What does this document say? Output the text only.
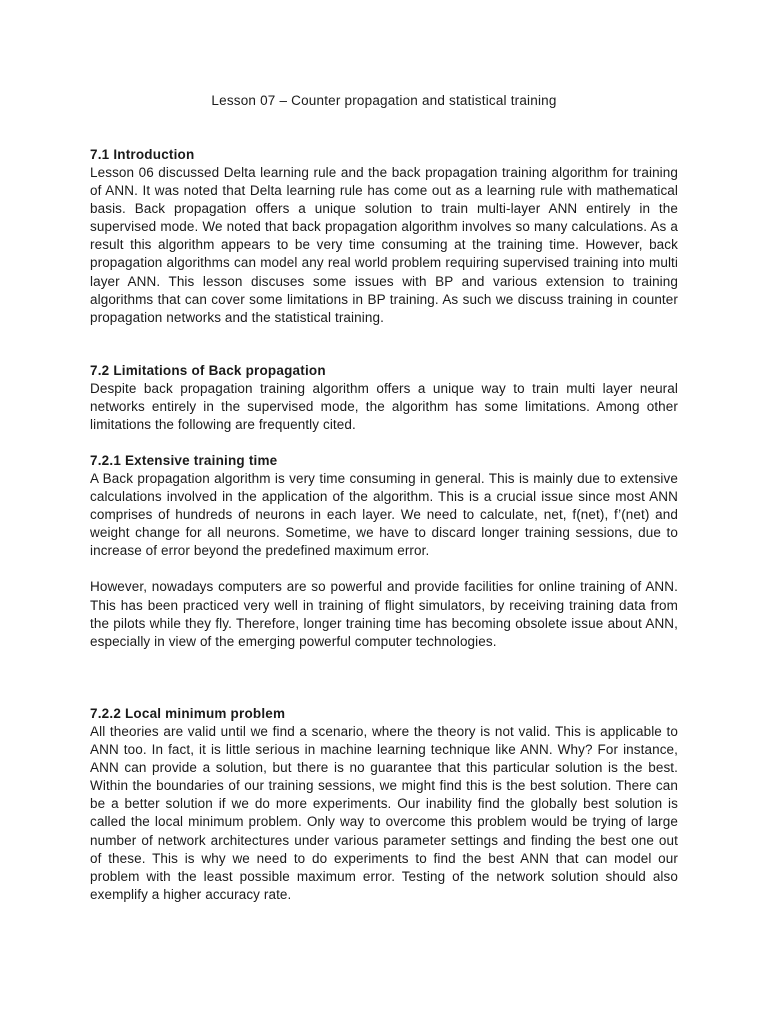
Lesson 07 – Counter propagation and statistical training
7.1 Introduction

Lesson 06 discussed Delta learning rule and the back propagation training algorithm for training of ANN. It was noted that Delta learning rule has come out as a learning rule with mathematical basis. Back propagation offers a unique solution to train multi-layer ANN entirely in the supervised mode. We noted that back propagation algorithm involves so many calculations. As a result this algorithm appears to be very time consuming at the training time. However, back propagation algorithms can model any real world problem requiring supervised training into multi layer ANN. This lesson discuses some issues with BP and various extension to training algorithms that can cover some limitations in BP training. As such we discuss training in counter propagation networks and the statistical training.

7.2 Limitations of Back propagation

Despite back propagation training algorithm offers a unique way to train multi layer neural networks entirely in the supervised mode, the algorithm has some limitations. Among other limitations the following are frequently cited.

7.2.1 Extensive training time

A Back propagation algorithm is very time consuming in general. This is mainly due to extensive calculations involved in the application of the algorithm. This is a crucial issue since most ANN comprises of hundreds of neurons in each layer. We need to calculate, net, f(net), f’(net) and weight change for all neurons. Sometime, we have to discard longer training sessions, due to increase of error beyond the predefined maximum error.

However, nowadays computers are so powerful and provide facilities for online training of ANN. This has been practiced very well in training of flight simulators, by receiving training data from the pilots while they fly. Therefore, longer training time has becoming obsolete issue about ANN, especially in view of the emerging powerful computer technologies.

7.2.2 Local minimum problem

All theories are valid until we find a scenario, where the theory is not valid. This is applicable to ANN too. In fact, it is little serious in machine learning technique like ANN. Why? For instance, ANN can provide a solution, but there is no guarantee that this particular solution is the best. Within the boundaries of our training sessions, we might find this is the best solution. There can be a better solution if we do more experiments. Our inability find the globally best solution is called the local minimum problem. Only way to overcome this problem would be trying of large number of network architectures under various parameter settings and finding the best one out of these. This is why we need to do experiments to find the best ANN that can model our problem with the least possible maximum error. Testing of the network solution should also exemplify a higher accuracy rate.
